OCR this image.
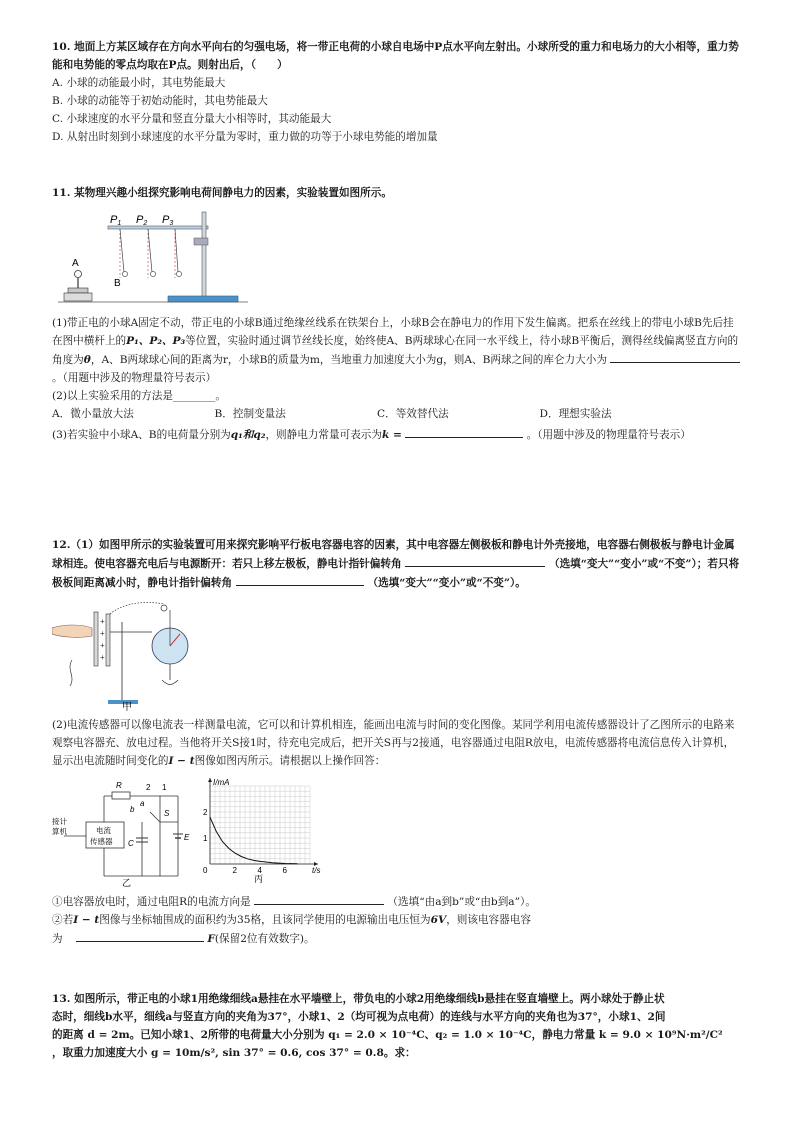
10. 地面上方某区域存在方向水平向右的匀强电场，将一带正电荷的小球自电场中P点水平向左射出。小球所受的重力和电场力的大小相等，重力势能和电势能的零点均取在P点。则射出后，（　　）

A. 小球的动能最小时，其电势能最大

B. 小球的动能等于初始动能时，其电势能最大

C. 小球速度的水平分量和竖直分量大小相等时，其动能最大

D. 从射出时刻到小球速度的水平分量为零时，重力做的功等于小球电势能的增加量

11. 某物理兴趣小组探究影响电荷间静电力的因素，实验装置如图所示。

P1 P2 P3
A
B

(1)带正电的小球A固定不动，带正电的小球B通过绝缘丝线系在铁架台上，小球B会在静电力的作用下发生偏离。把系在丝线上的带电小球B先后挂在图中横杆上的P₁、P₂、P₃等位置，实验时通过调节丝线长度，始终使A、B两球球心在同一水平线上，待小球B平衡后，测得丝线偏离竖直方向的角度为θ，A、B两球球心间的距离为r，小球B的质量为m，当地重力加速度大小为g，则A、B两球之间的库仑力大小为  。（用题中涉及的物理量符号表示）

(2)以上实验采用的方法是________。

A．微小量放大法	B．控制变量法	C．等效替代法	D．理想实验法

(3)若实验中小球A、B的电荷量分别为q₁和q₂，则静电力常量可表示为k =	。（用题中涉及的物理量符号表示）

12.（1）如图甲所示的实验装置可用来探究影响平行板电容器电容的因素，其中电容器左侧极板和静电计外壳接地，电容器右侧极板与静电计金属球相连。使电容器充电后与电源断开：若只上移左极板，静电计指针偏转角	（选填“变大”“变小”或“不变”）；若只将极板间距离减小时，静电计指针偏转角	（选填“变大”“变小”或“不变”）。

+
+
+
+
甲

(2)电流传感器可以像电流表一样测量电流，它可以和计算机相连，能画出电流与时间的变化图像。某同学利用电流传感器设计了乙图所示的电路来观察电容器充、放电过程。当他将开关S接1时，待充电完成后，把开关S再与2接通，电容器通过电阻R放电，电流传感器将电流信息传入计算机，显示出电流随时间变化的I − t图像如图丙所示。请根据以上操作回答：

R	2 1
a
b	S
C
E
接计
算机	电流
传感器
乙
I/mA
t/s
2
1
0	2	4	6
丙

①电容器放电时，通过电阻R的电流方向是	（选填“由a到b”或“由b到a”）。

②若I − t图像与坐标轴围成的面积约为35格，且该同学使用的电源输出电压恒为6V，则该电容器电容

为	F(保留2位有效数字)。

13. 如图所示，带正电的小球1用绝缘细线a悬挂在水平墙壁上，带负电的小球2用绝缘细线b悬挂在竖直墙壁上。两小球处于静止状

态时，细线b水平，细线a与竖直方向的夹角为37°，小球1、2（均可视为点电荷）的连线与水平方向的夹角也为37°，小球1、2间

的距离 d = 2m。已知小球1、2所带的电荷量大小分别为 q₁ = 2.0 × 10⁻⁴C、q₂ = 1.0 × 10⁻⁴C，静电力常量 k = 9.0 × 10⁹N·m²/C²

，取重力加速度大小 g = 10m/s², sin 37° = 0.6, cos 37° = 0.8。求：
